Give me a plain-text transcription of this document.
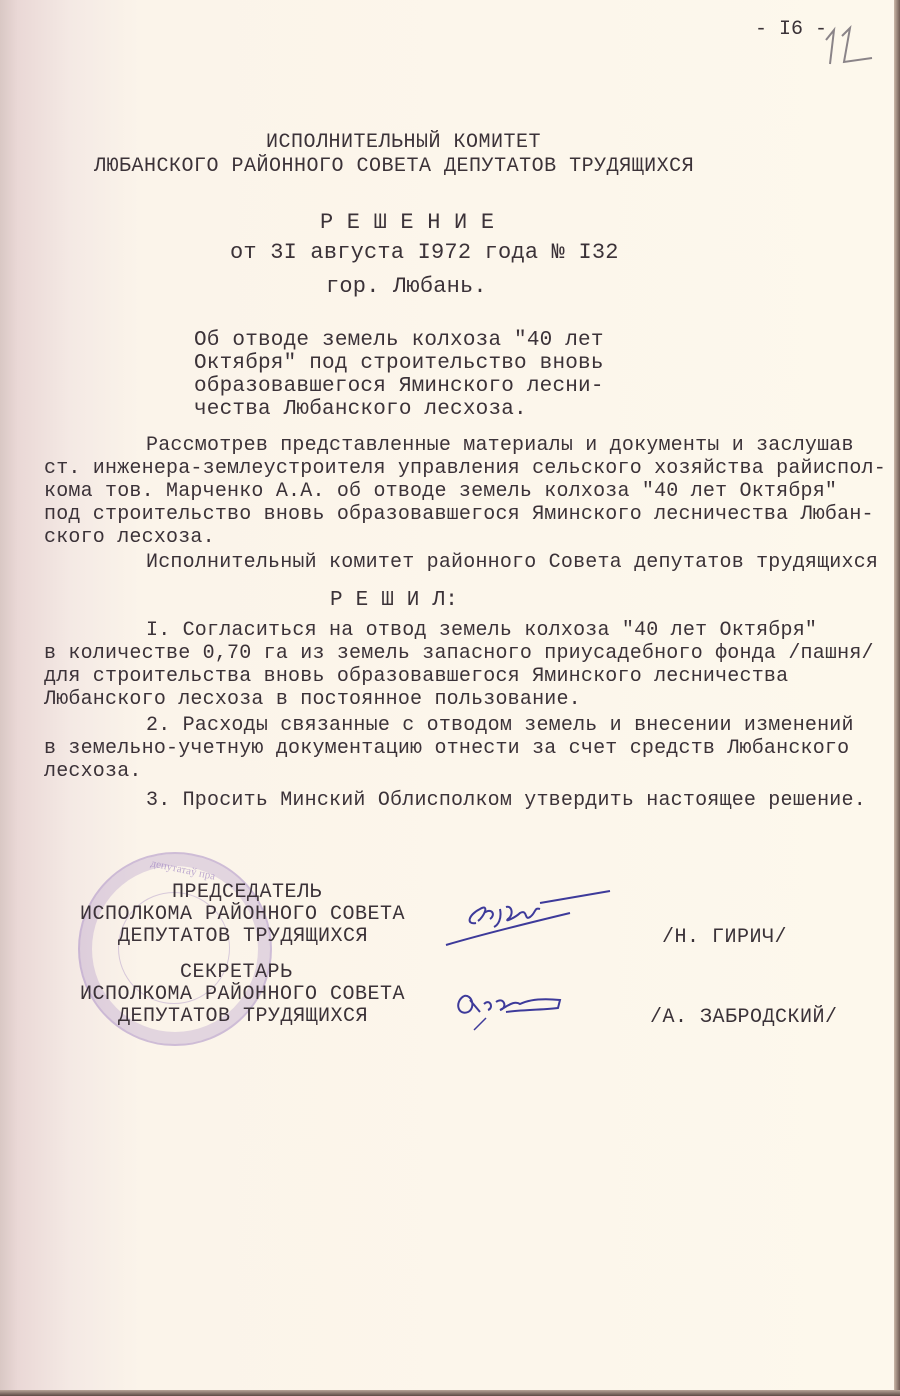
- I6 -
ИСПОЛНИТЕЛЬНЫЙ КОМИТЕТ
ЛЮБАНСКОГО РАЙОННОГО СОВЕТА ДЕПУТАТОВ ТРУДЯЩИХСЯ
Р Е Ш Е Н И Е
от 3I августа I972 года № I32
гор. Любань.
Об отводе земель колхоза "40 лет
Октября" под строительство вновь
образовавшегося Яминского лесни-
чества Любанского лесхоза.
Рассмотрев представленные материалы и документы и заслушав
ст. инженера-землеустроителя управления сельского хозяйства райиспол-
кома тов. Марченко А.А. об отводе земель колхоза "40 лет Октября"
под строительство вновь образовавшегося Яминского лесничества Любан-
ского лесхоза.
Исполнительный комитет районного Совета депутатов трудящихся
Р Е Ш И Л:
I. Согласиться на отвод земель колхоза "40 лет Октября"
в количестве 0,70 га из земель запасного приусадебного фонда /пашня/
для строительства вновь образовавшегося Яминского лесничества
Любанского лесхоза в постоянное пользование.
2. Расходы связанные с отводом земель и внесении изменений
в земельно-учетную документацию отнести за счет средств Любанского
лесхоза.
3. Просить Минский Облисполком утвердить настоящее решение.
депутатаў пра
ПРЕДСЕДАТЕЛЬ
ИСПОЛКОМА РАЙОННОГО СОВЕТА
ДЕПУТАТОВ ТРУДЯЩИХСЯ	/Н. ГИРИЧ/
СЕКРЕТАРЬ
ИСПОЛКОМА РАЙОННОГО СОВЕТА
ДЕПУТАТОВ ТРУДЯЩИХСЯ	/А. ЗАБРОДСКИЙ/
